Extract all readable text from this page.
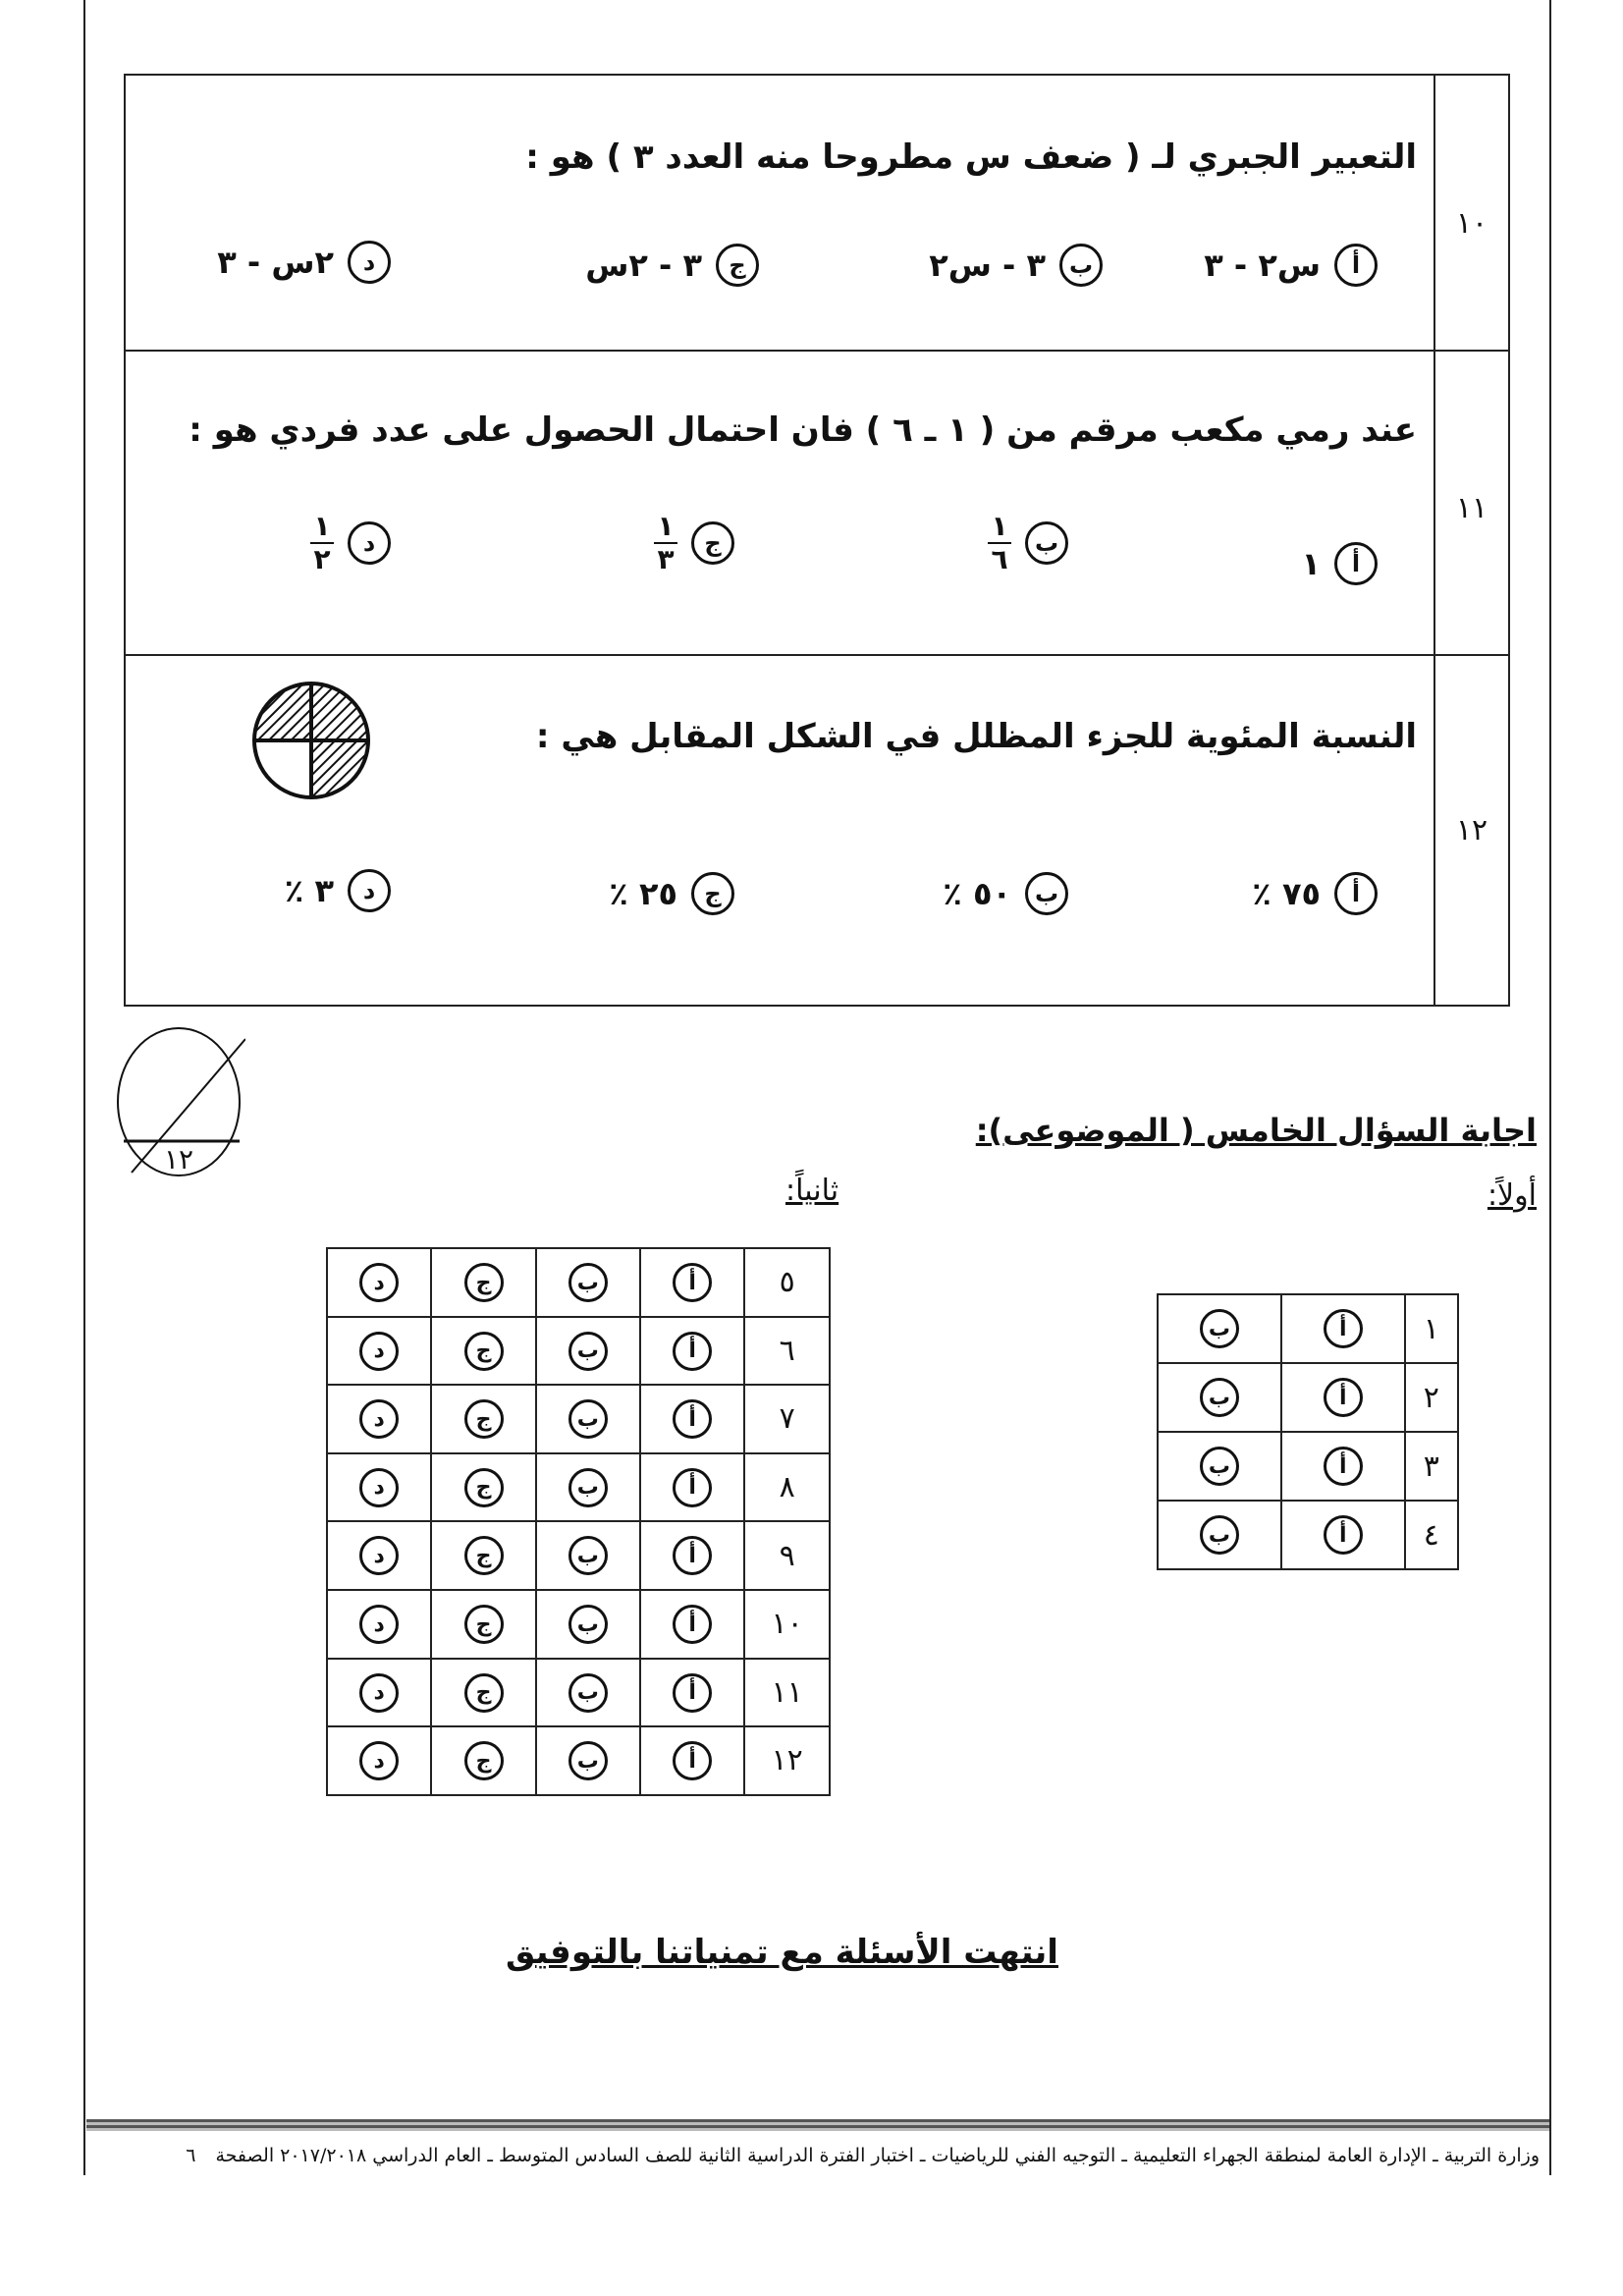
١٠
التعبير الجبري لـ ( ضعف س مطروحا منه العدد ٣ ) هو :
أ
س٢ - ٣
ب
٣ - س٢
ج
٣ - ٢س
د
٢س - ٣
١١
عند رمي مكعب مرقم من ( ١ ـ ٦ ) فان احتمال الحصول على عدد فردي هو :
أ
١
ب
$\frac{١}{٦}$
ج
$\frac{١}{٣}$
د
$\frac{١}{٢}$
١٢
النسبة المئوية للجزء المظلل في الشكل المقابل هي :
أ
٧٥ ٪
ب
٥٠ ٪
ج
٢٥ ٪
د
٣ ٪
١٢
اجابة السؤال الخامس ( الموضوعى):
أولاً:
ثانياً:
١	أ	ب
٢	أ	ب
٣	أ	ب
٤	أ	ب
٥	أ	ب	ج	د
٦	أ	ب	ج	د
٧	أ	ب	ج	د
٨	أ	ب	ج	د
٩	أ	ب	ج	د
١٠	أ	ب	ج	د
١١	أ	ب	ج	د
١٢	أ	ب	ج	د
انتهت الأسئلة مع تمنياتنا بالتوفيق
وزارة التربية ـ الإدارة العامة لمنطقة الجهراء التعليمية ـ التوجيه الفني للرياضيات ـ اختبار الفترة الدراسية الثانية للصف السادس المتوسط ـ العام الدراسي ٢٠١٧/٢٠١٨ الصفحة
٦
